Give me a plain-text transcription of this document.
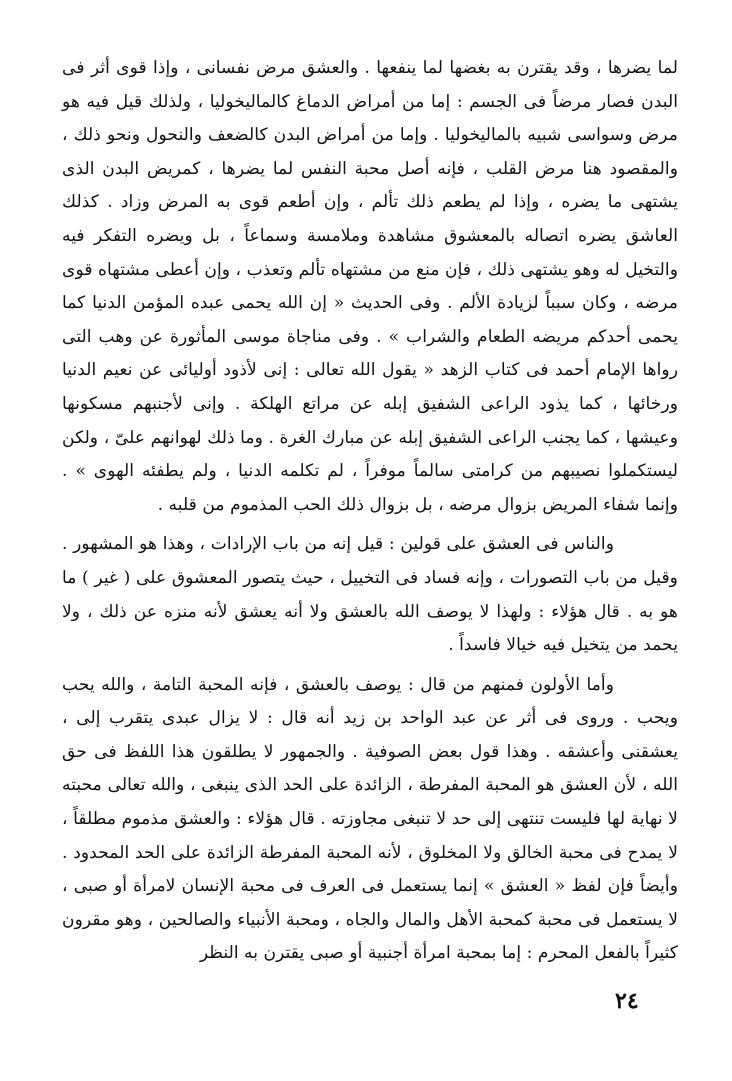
لما يضرها ، وقد يقترن به بغضها لما ينفعها . والعشق مرض نفسانى ، وإذا قوى أثر فى البدن فصار مرضاً فى الجسم : إما من أمراض الدماغ كالماليخوليا ، ولذلك قيل فيه هو مرض وسواسى شبيه بالماليخوليا . وإما من أمراض البدن كالضعف والنحول ونحو ذلك ، والمقصود هنا مرض القلب ، فإنه أصل محبة النفس لما يضرها ، كمريض البدن الذى يشتهى ما يضره ، وإذا لم يطعم ذلك تألم ، وإن أطعم قوى به المرض وزاد . كذلك العاشق يضره اتصاله بالمعشوق مشاهدة وملامسة وسماعاً ، بل ويضره التفكر فيه والتخيل له وهو يشتهى ذلك ، فإن منع من مشتهاه تألم وتعذب ، وإن أعطى مشتهاه قوى مرضه ، وكان سبباً لزيادة الألم . وفى الحديث « إن الله يحمى عبده المؤمن الدنيا كما يحمى أحدكم مريضه الطعام والشراب » . وفى مناجاة موسى المأثورة عن وهب التى رواها الإمام أحمد فى كتاب الزهد « يقول الله تعالى : إنى لأذود أوليائى عن نعيم الدنيا ورخائها ، كما يذود الراعى الشفيق إبله عن مراتع الهلكة . وإنى لأجنبهم مسكونها وعيشها ، كما يجنب الراعى الشفيق إبله عن مبارك الغرة . وما ذلك لهوانهم علىّ ، ولكن ليستكملوا نصيبهم من كرامتى سالماً موفراً ، لم تكلمه الدنيا ، ولم يطفئه الهوى » . وإنما شفاء المريض بزوال مرضه ، بل بزوال ذلك الحب المذموم من قلبه .

والناس فى العشق على قولين : قيل إنه من باب الإرادات ، وهذا هو المشهور . وقيل من باب التصورات ، وإنه فساد فى التخييل ، حيث يتصور المعشوق على ( غير ) ما هو به . قال هؤلاء : ولهذا لا يوصف الله بالعشق ولا أنه يعشق لأنه منزه عن ذلك ، ولا يحمد من يتخيل فيه خيالا فاسداً .

وأما الأولون فمنهم من قال : يوصف بالعشق ، فإنه المحبة التامة ، والله يحب ويحب . وروى فى أثر عن عبد الواحد بن زيد أنه قال : لا يزال عبدى يتقرب إلى ، يعشقنى وأعشقه . وهذا قول بعض الصوفية . والجمهور لا يطلقون هذا اللفظ فى حق الله ، لأن العشق هو المحبة المفرطة ، الزائدة على الحد الذى ينبغى ، والله تعالى محبته لا نهاية لها فليست تنتهى إلى حد لا تنبغى مجاوزته . قال هؤلاء : والعشق مذموم مطلقاً ، لا يمدح فى محبة الخالق ولا المخلوق ، لأنه المحبة المفرطة الزائدة على الحد المحدود . وأيضاً فإن لفظ « العشق » إنما يستعمل فى العرف فى محبة الإنسان لامرأة أو صبى ، لا يستعمل فى محبة كمحبة الأهل والمال والجاه ، ومحبة الأنبياء والصالحين ، وهو مقرون كثيراً بالفعل المحرم : إما بمحبة امرأة أجنبية أو صبى يقترن به النظر

٢٤
